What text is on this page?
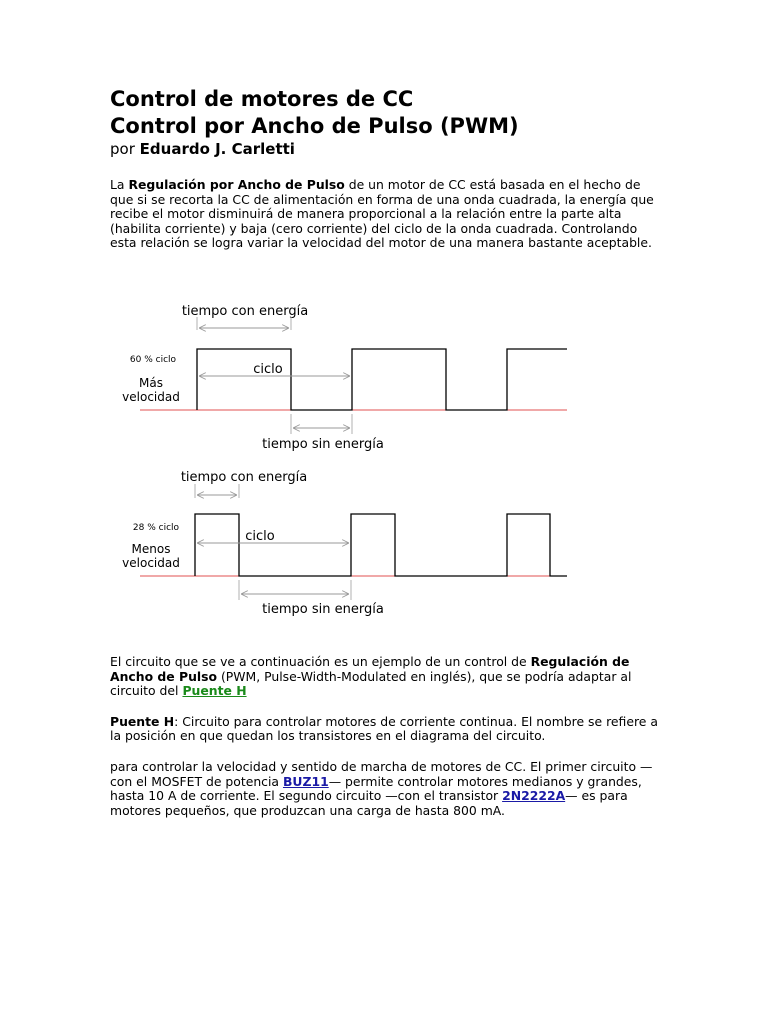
Control de motores de CC
Control por Ancho de Pulso (PWM)
por Eduardo J. Carletti

La Regulación por Ancho de Pulso de un motor de CC está basada en el hecho de que si se recorta la CC de alimentación en forma de una onda cuadrada, la energía que recibe el motor disminuirá de manera proporcional a la relación entre la parte alta (habilita corriente) y baja (cero corriente) del ciclo de la onda cuadrada. Controlando esta relación se logra variar la velocidad del motor de una manera bastante aceptable.

tiempo con energía
60 % ciclo
Más
velocidad
ciclo
tiempo sin energía
tiempo con energía
28 % ciclo
Menos
velocidad
ciclo
tiempo sin energía

El circuito que se ve a continuación es un ejemplo de un control de Regulación de Ancho de Pulso (PWM, Pulse-Width-Modulated en inglés), que se podría adaptar al circuito del Puente H

Puente H: Circuito para controlar motores de corriente continua. El nombre se refiere a la posición en que quedan los transistores en el diagrama del circuito.

para controlar la velocidad y sentido de marcha de motores de CC. El primer circuito —con el MOSFET de potencia BUZ11— permite controlar motores medianos y grandes, hasta 10 A de corriente. El segundo circuito —con el transistor 2N2222A— es para motores pequeños, que produzcan una carga de hasta 800 mA.
